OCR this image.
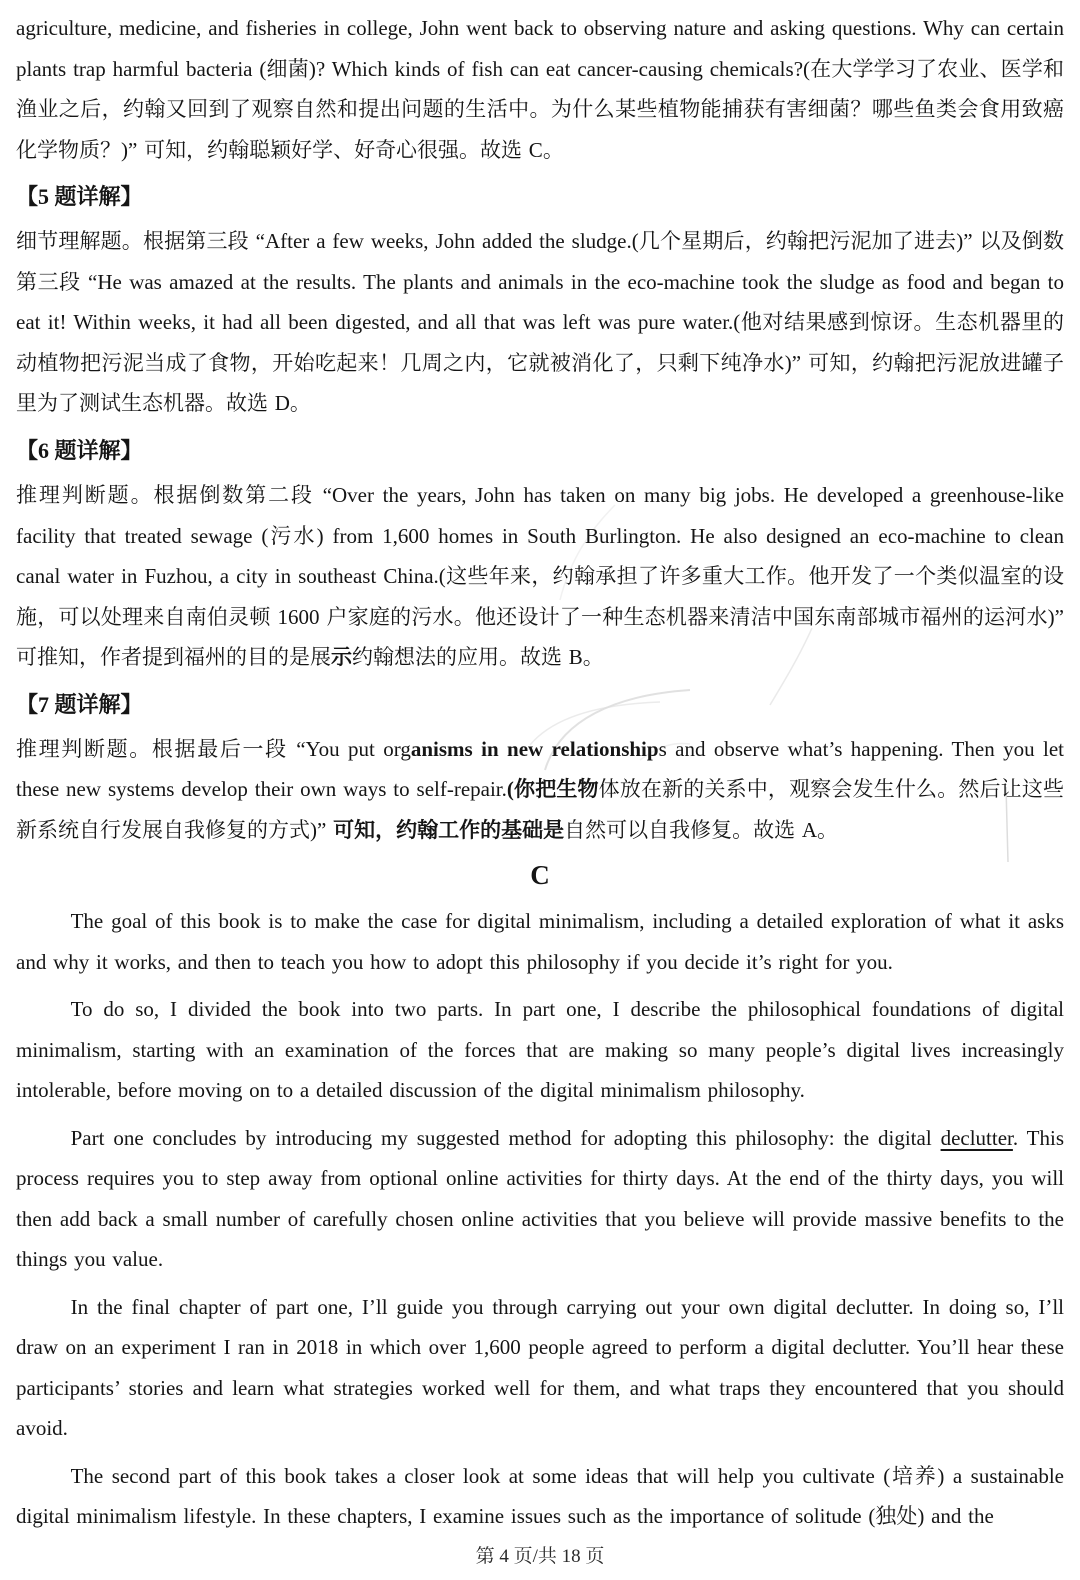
agriculture, medicine, and fisheries in college, John went back to observing nature and asking questions. Why can certain plants trap harmful bacteria (细菌)? Which kinds of fish can eat cancer-causing chemicals?(在大学学习了农业、医学和渔业之后，约翰又回到了观察自然和提出问题的生活中。为什么某些植物能捕获有害细菌？哪些鱼类会食用致癌化学物质？)” 可知，约翰聪颖好学、好奇心很强。故选 C。

【5 题详解】

细节理解题。根据第三段 “After a few weeks, John added the sludge.(几个星期后，约翰把污泥加了进去)” 以及倒数第三段 “He was amazed at the results. The plants and animals in the eco-machine took the sludge as food and began to eat it! Within weeks, it had all been digested, and all that was left was pure water.(他对结果感到惊讶。生态机器里的动植物把污泥当成了食物，开始吃起来！几周之内，它就被消化了，只剩下纯净水)” 可知，约翰把污泥放进罐子里为了测试生态机器。故选 D。

【6 题详解】

推理判断题。根据倒数第二段 “Over the years, John has taken on many big jobs. He developed a greenhouse-like facility that treated sewage (污水) from 1,600 homes in South Burlington. He also designed an eco-machine to clean canal water in Fuzhou, a city in southeast China.(这些年来，约翰承担了许多重大工作。他开发了一个类似温室的设施，可以处理来自南伯灵顿 1600 户家庭的污水。他还设计了一种生态机器来清洁中国东南部城市福州的运河水)” 可推知，作者提到福州的目的是展示约翰想法的应用。故选 B。

【7 题详解】

推理判断题。根据最后一段 “You put organisms in new relationships and observe what’s happening. Then you let these new systems develop their own ways to self-repair.(你把生物体放在新的关系中，观察会发生什么。然后让这些新系统自行发展自我修复的方式)” 可知，约翰工作的基础是自然可以自我修复。故选 A。

C

The goal of this book is to make the case for digital minimalism, including a detailed exploration of what it asks and why it works, and then to teach you how to adopt this philosophy if you decide it’s right for you.

To do so, I divided the book into two parts. In part one, I describe the philosophical foundations of digital minimalism, starting with an examination of the forces that are making so many people’s digital lives increasingly intolerable, before moving on to a detailed discussion of the digital minimalism philosophy.

Part one concludes by introducing my suggested method for adopting this philosophy: the digital declutter. This process requires you to step away from optional online activities for thirty days. At the end of the thirty days, you will then add back a small number of carefully chosen online activities that you believe will provide massive benefits to the things you value.

In the final chapter of part one, I’ll guide you through carrying out your own digital declutter. In doing so, I’ll draw on an experiment I ran in 2018 in which over 1,600 people agreed to perform a digital declutter. You’ll hear these participants’ stories and learn what strategies worked well for them, and what traps they encountered that you should avoid.

The second part of this book takes a closer look at some ideas that will help you cultivate (培养) a sustainable digital minimalism lifestyle. In these chapters, I examine issues such as the importance of solitude (独处) and the

第 4 页/共 18 页
